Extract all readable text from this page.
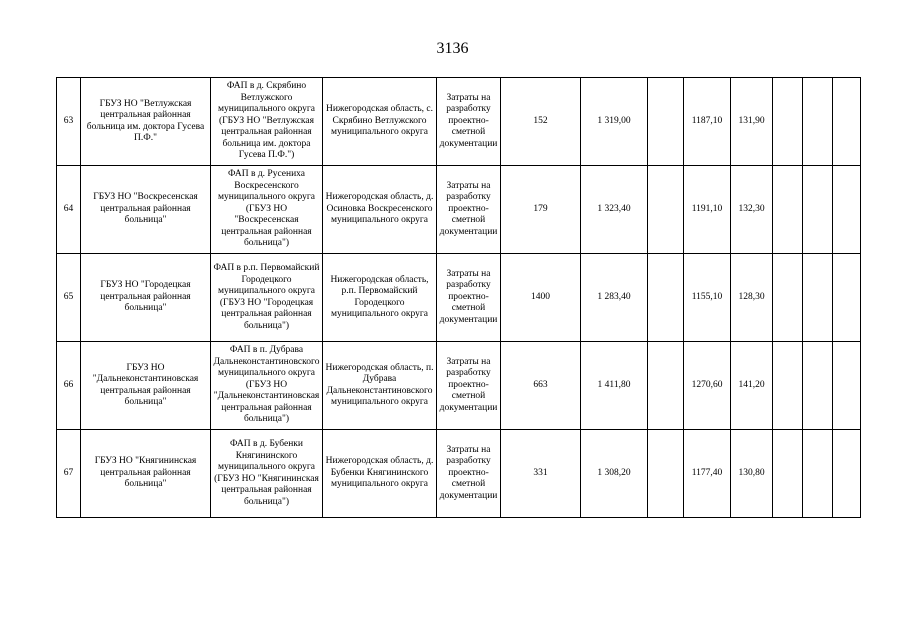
3136
63	ГБУЗ НО "Ветлужская центральная районная больница им. доктора Гусева П.Ф."	ФАП в д. Скрябино Ветлужского муниципального округа (ГБУЗ НО "Ветлужская центральная районная больница им. доктора Гусева П.Ф.")	Нижегородская область, с. Скрябино Ветлужского муниципального округа	Затраты на разработку проектно-сметной документации	152	1 319,00		1187,10	131,90			
64	ГБУЗ НО "Воскресенская центральная районная больница"	ФАП в д. Русениха Воскресенского муниципального округа (ГБУЗ НО "Воскресенская центральная районная больница")	Нижегородская область, д. Осиновка Воскресенского муниципального округа	Затраты на разработку проектно-сметной документации	179	1 323,40		1191,10	132,30			
65	ГБУЗ НО "Городецкая центральная районная больница"	ФАП в р.п. Первомайский Городецкого муниципального округа (ГБУЗ НО "Городецкая центральная районная больница")	Нижегородская область, р.п. Первомайский Городецкого муниципального округа	Затраты на разработку проектно-сметной документации	1400	1 283,40		1155,10	128,30			
66	ГБУЗ НО "Дальнеконстантиновская центральная районная больница"	ФАП в п. Дубрава Дальнеконстантиновского муниципального округа (ГБУЗ НО "Дальнеконстантиновская центральная районная больница")	Нижегородская область, п. Дубрава Дальнеконстантиновского муниципального округа	Затраты на разработку проектно-сметной документации	663	1 411,80		1270,60	141,20			
67	ГБУЗ НО "Княгининская центральная районная больница"	ФАП в д. Бубенки Княгининского муниципального округа (ГБУЗ НО "Княгининская центральная районная больница")	Нижегородская область, д. Бубенки Княгининского муниципального округа	Затраты на разработку проектно-сметной документации	331	1 308,20		1177,40	130,80			
